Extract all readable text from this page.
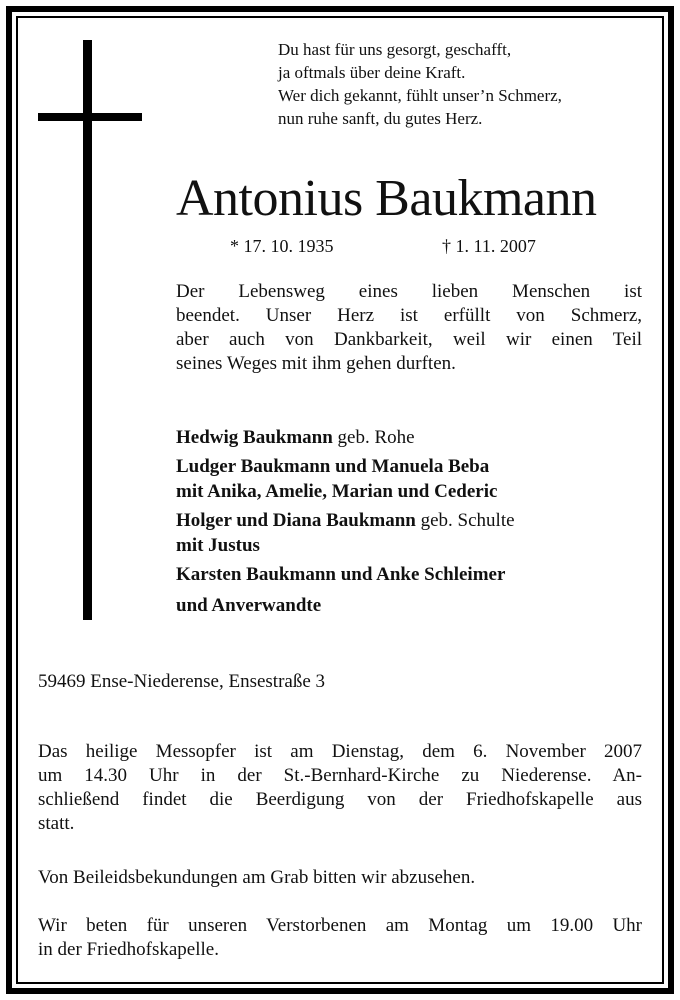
Du hast für uns gesorgt, geschafft,
ja oftmals über deine Kraft.
Wer dich gekannt, fühlt unser’n Schmerz,
nun ruhe sanft, du gutes Herz.
Antonius Baukmann
* 17. 10. 1935	† 1. 11. 2007
Der Lebensweg eines lieben Menschen ist
beendet. Unser Herz ist erfüllt von Schmerz,
aber auch von Dankbarkeit, weil wir einen Teil
seines Weges mit ihm gehen durften.
Hedwig Baukmann geb. Rohe
Ludger Baukmann und Manuela Beba
mit Anika, Amelie, Marian und Cederic
Holger und Diana Baukmann geb. Schulte
mit Justus
Karsten Baukmann und Anke Schleimer
und Anverwandte
59469 Ense-Niederense, Ensestraße 3
Das heilige Messopfer ist am Dienstag, dem 6. November 2007
um 14.30 Uhr in der St.-Bernhard-Kirche zu Niederense. An-
schließend findet die Beerdigung von der Friedhofskapelle aus
statt.
Von Beileidsbekundungen am Grab bitten wir abzusehen.
Wir beten für unseren Verstorbenen am Montag um 19.00 Uhr
in der Friedhofskapelle.
